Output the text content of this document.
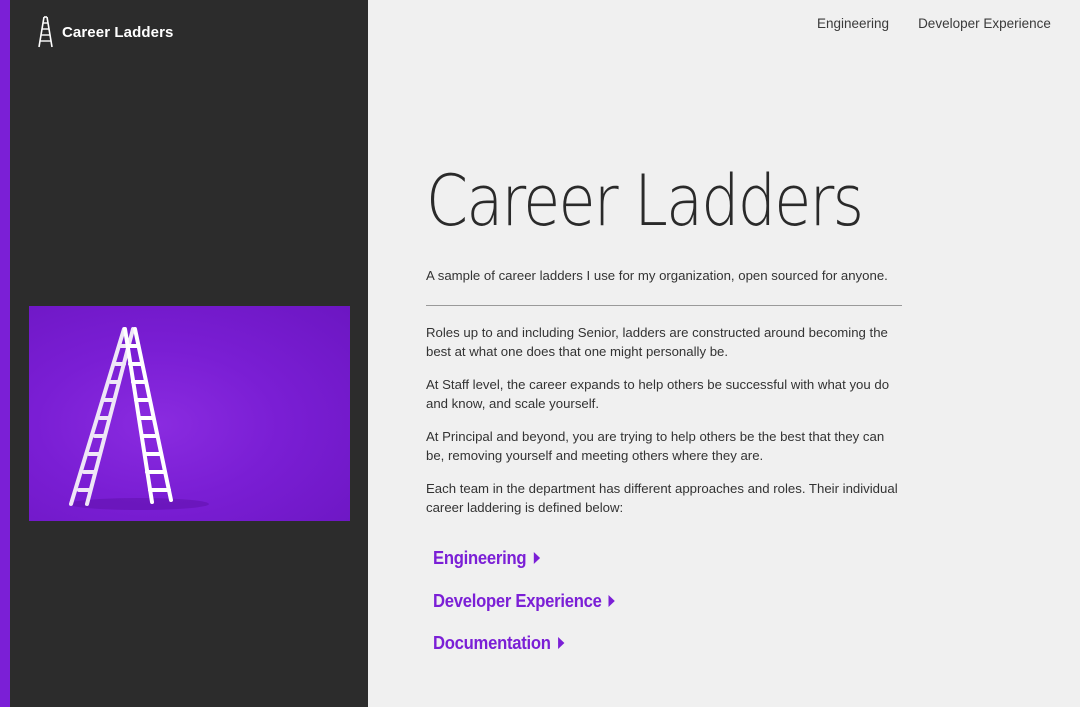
Career Ladders	Engineering Developer Experience
Career Ladders

A sample of career ladders I use for my organization, open sourced for anyone.

Roles up to and including Senior, ladders are constructed around becoming the best at what one does that one might personally be.

At Staff level, the career expands to help others be successful with what you do and know, and scale yourself.

At Principal and beyond, you are trying to help others be the best that they can be, removing yourself and meeting others where they are.

Each team in the department has different approaches and roles. Their individual career laddering is defined below:

Engineering
Developer Experience
Documentation
